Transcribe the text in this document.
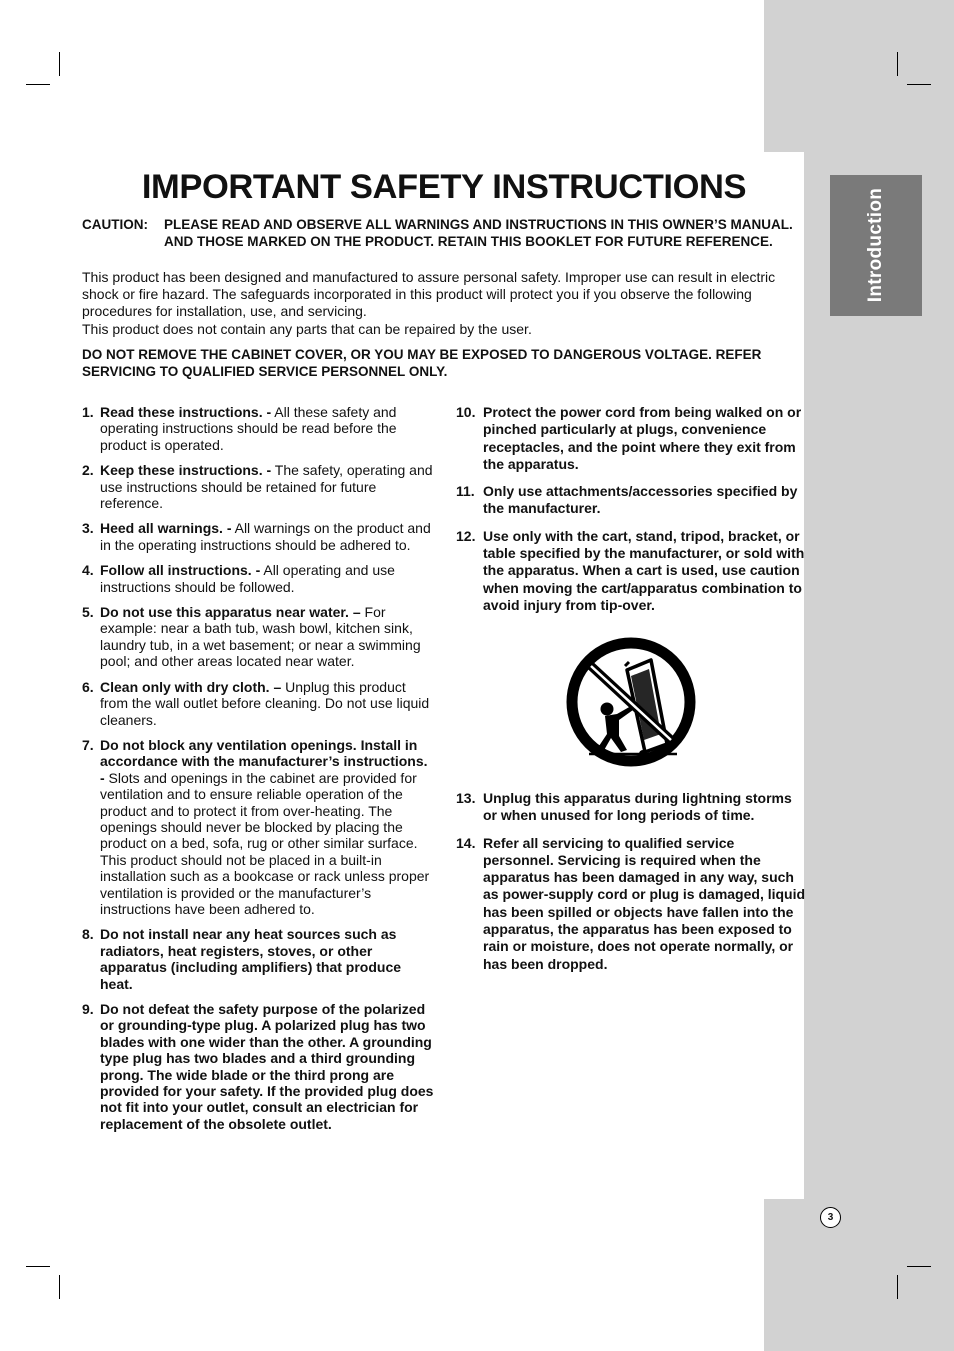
Introduction
IMPORTANT SAFETY INSTRUCTIONS
CAUTION: PLEASE READ AND OBSERVE ALL WARNINGS AND INSTRUCTIONS IN THIS OWNER’S MANUAL. AND THOSE MARKED ON THE PRODUCT. RETAIN THIS BOOKLET FOR FUTURE REFERENCE.

This product has been designed and manufactured to assure personal safety. Improper use can result in electric shock or fire hazard. The safeguards incorporated in this product will protect you if you observe the following procedures for installation, use, and servicing.

This product does not contain any parts that can be repaired by the user.

DO NOT REMOVE THE CABINET COVER, OR YOU MAY BE EXPOSED TO DANGEROUS VOLTAGE. REFER SERVICING TO QUALIFIED SERVICE PERSONNEL ONLY.
1. Read these instructions. - All these safety and operating instructions should be read before the product is operated.
2. Keep these instructions. - The safety, operating and use instructions should be retained for future reference.
3. Heed all warnings. - All warnings on the product and in the operating instructions should be adhered to.
4. Follow all instructions. - All operating and use instructions should be followed.
5. Do not use this apparatus near water. – For example: near a bath tub, wash bowl, kitchen sink, laundry tub, in a wet basement; or near a swimming pool; and other areas located near water.
6. Clean only with dry cloth. – Unplug this product from the wall outlet before cleaning. Do not use liquid cleaners.
7. Do not block any ventilation openings. Install in accordance with the manufacturer’s instructions. - Slots and openings in the cabinet are provided for ventilation and to ensure reliable operation of the product and to protect it from over-heating. The openings should never be blocked by placing the product on a bed, sofa, rug or other similar surface. This product should not be placed in a built-in installation such as a bookcase or rack unless proper ventilation is provided or the manufacturer’s instructions have been adhered to.
8. Do not install near any heat sources such as radiators, heat registers, stoves, or other apparatus (including amplifiers) that produce heat.
9. Do not defeat the safety purpose of the polarized or grounding-type plug. A polarized plug has two blades with one wider than the other. A grounding type plug has two blades and a third grounding prong. The wide blade or the third prong are provided for your safety. If the provided plug does not fit into your outlet, consult an electrician for replacement of the obsolete outlet.
10. Protect the power cord from being walked on or pinched particularly at plugs, convenience receptacles, and the point where they exit from the apparatus.
11. Only use attachments/accessories specified by the manufacturer.
12. Use only with the cart, stand, tripod, bracket, or table specified by the manufacturer, or sold with the apparatus. When a cart is used, use caution when moving the cart/apparatus combination to avoid injury from tip-over.
13. Unplug this apparatus during lightning storms or when unused for long periods of time.
14. Refer all servicing to qualified service personnel. Servicing is required when the apparatus has been damaged in any way, such as power-supply cord or plug is damaged, liquid has been spilled or objects have fallen into the apparatus, the apparatus has been exposed to rain or moisture, does not operate normally, or has been dropped.
3
